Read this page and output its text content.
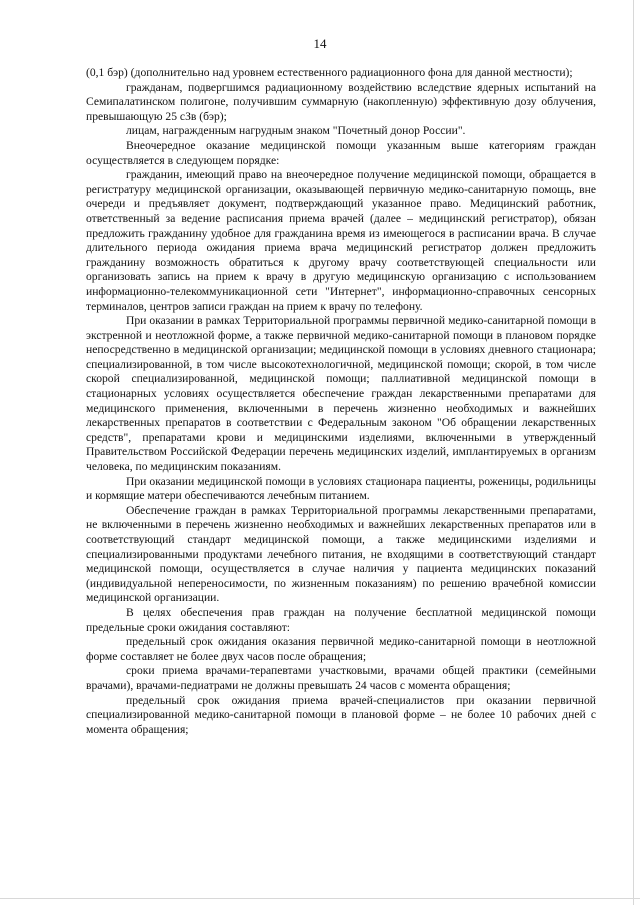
14

(0,1 бэр) (дополнительно над уровнем естественного радиационного фона для данной местности);

гражданам, подвергшимся радиационному воздействию вследствие ядерных испытаний на Семипалатинском полигоне, получившим суммарную (накопленную) эффективную дозу облучения, превышающую 25 сЗв (бэр);

лицам, награжденным нагрудным знаком "Почетный донор России".

Внеочередное оказание медицинской помощи указанным выше категориям граждан осуществляется в следующем порядке:

гражданин, имеющий право на внеочередное получение медицинской помощи, обращается в регистратуру медицинской организации, оказывающей первичную медико-санитарную помощь, вне очереди и предъявляет документ, подтверждающий указанное право. Медицинский работник, ответственный за ведение расписания приема врачей (далее – медицинский регистратор), обязан предложить гражданину удобное для гражданина время из имеющегося в расписании врача. В случае длительного периода ожидания приема врача медицинский регистратор должен предложить гражданину возможность обратиться к другому врачу соответствующей специальности или организовать запись на прием к врачу в другую медицинскую организацию с использованием информационно-телекоммуникационной сети "Интернет", информационно-справочных сенсорных терминалов, центров записи граждан на прием к врачу по телефону.

При оказании в рамках Территориальной программы первичной медико-санитарной помощи в экстренной и неотложной форме, а также первичной медико-санитарной помощи в плановом порядке непосредственно в медицинской организации; медицинской помощи в условиях дневного стационара; специализированной, в том числе высокотехнологичной, медицинской помощи; скорой, в том числе скорой специализированной, медицинской помощи; паллиативной медицинской помощи в стационарных условиях осуществляется обеспечение граждан лекарственными препаратами для медицинского применения, включенными в перечень жизненно необходимых и важнейших лекарственных препаратов в соответствии с Федеральным законом "Об обращении лекарственных средств", препаратами крови и медицинскими изделиями, включенными в утвержденный Правительством Российской Федерации перечень медицинских изделий, имплантируемых в организм человека, по медицинским показаниям.

При оказании медицинской помощи в условиях стационара пациенты, роженицы, родильницы и кормящие матери обеспечиваются лечебным питанием.

Обеспечение граждан в рамках Территориальной программы лекарственными препаратами, не включенными в перечень жизненно необходимых и важнейших лекарственных препаратов или в соответствующий стандарт медицинской помощи, а также медицинскими изделиями и специализированными продуктами лечебного питания, не входящими в соответствующий стандарт медицинской помощи, осуществляется в случае наличия у пациента медицинских показаний (индивидуальной непереносимости, по жизненным показаниям) по решению врачебной комиссии медицинской организации.

В целях обеспечения прав граждан на получение бесплатной медицинской помощи предельные сроки ожидания составляют:

предельный срок ожидания оказания первичной медико-санитарной помощи в неотложной форме составляет не более двух часов после обращения;

сроки приема врачами-терапевтами участковыми, врачами общей практики (семейными врачами), врачами-педиатрами не должны превышать 24 часов с момента обращения;

предельный срок ожидания приема врачей-специалистов при оказании первичной специализированной медико-санитарной помощи в плановой форме – не более 10 рабочих дней с момента обращения;
